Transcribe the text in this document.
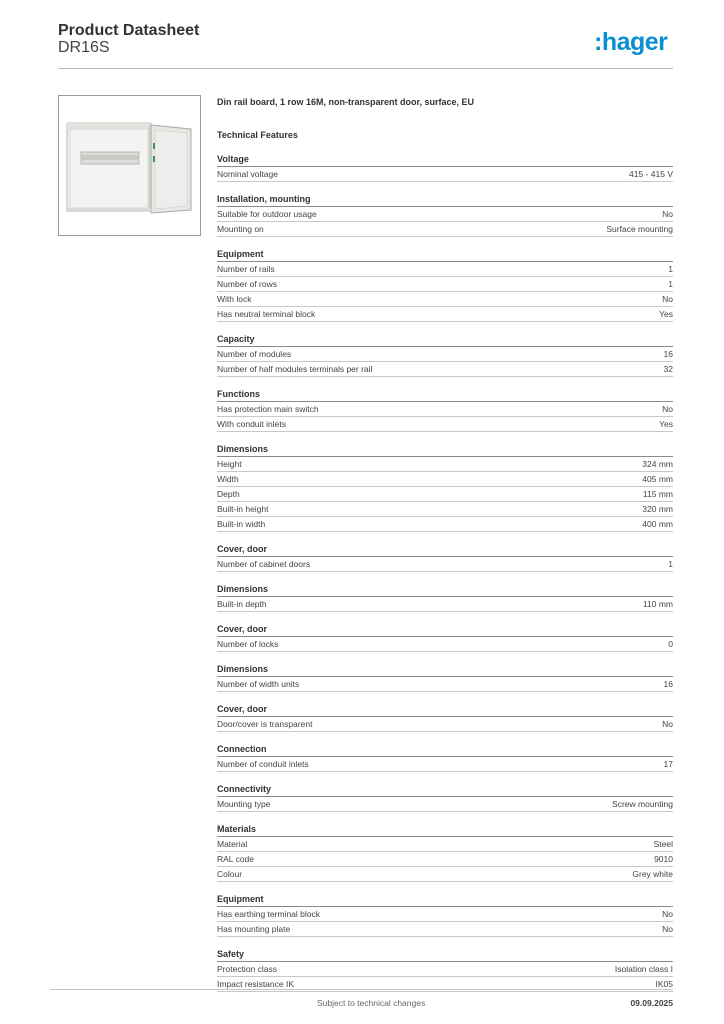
Product Datasheet
DR16S	:hager
Din rail board, 1 row 16M, non-transparent door, surface, EU
Technical Features
Voltage
Nominal voltage	415 - 415 V
Installation, mounting
Suitable for outdoor usage	No
Mounting on	Surface mounting
Equipment
Number of rails	1
Number of rows	1
With lock	No
Has neutral terminal block	Yes
Capacity
Number of modules	16
Number of half modules terminals per rail	32
Functions
Has protection main switch	No
With conduit inlets	Yes
Dimensions
Height	324 mm
Width	405 mm
Depth	115 mm
Built-in height	320 mm
Built-in width	400 mm
Cover, door
Number of cabinet doors	1
Dimensions
Built-in depth	110 mm
Cover, door
Number of locks	0
Dimensions
Number of width units	16
Cover, door
Door/cover is transparent	No
Connection
Number of conduit inlets	17
Connectivity
Mounting type	Screw mounting
Materials
Material	Steel
RAL code	9010
Colour	Grey white
Equipment
Has earthing terminal block	No
Has mounting plate	No
Safety
Protection class	Isolation class I
Impact resistance IK	IK05
Subject to technical changes	09.09.2025
